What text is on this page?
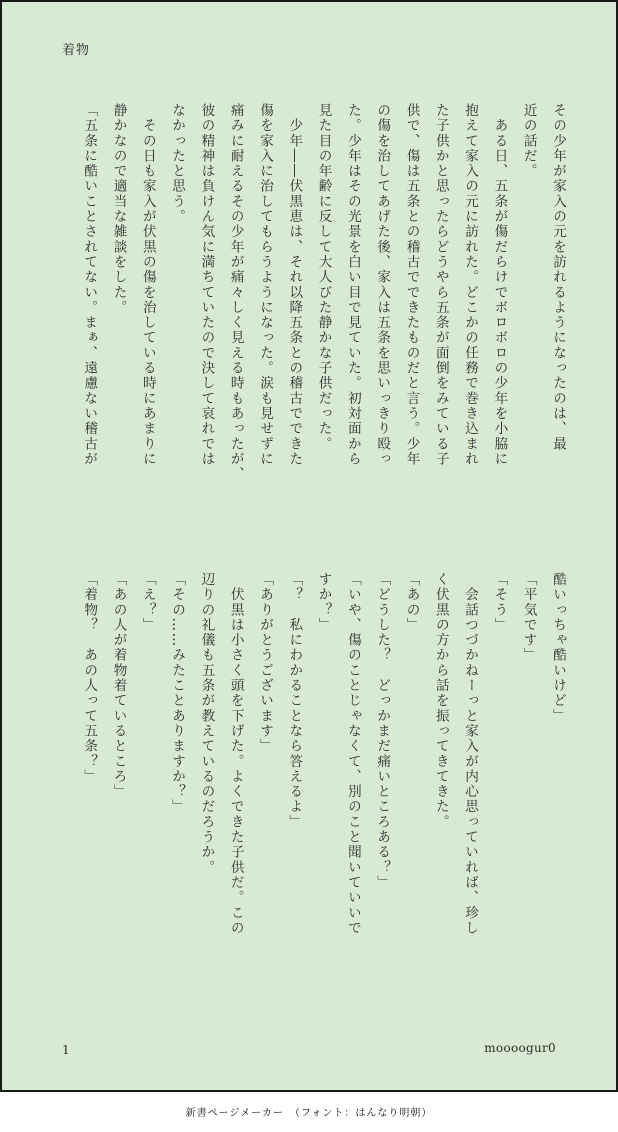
着物
その少年が家入の元を訪れるようになったのは、最
近の話だ。
　ある日、五条が傷だらけでボロボロの少年を小脇に
抱えて家入の元に訪れた。どこかの任務で巻き込まれ
た子供かと思ったらどうやら五条が面倒をみている子
供で、傷は五条との稽古でできたものだと言う。少年
の傷を治してあげた後、家入は五条を思いっきり殴っ
た。少年はその光景を白い目で見ていた。初対面から
見た目の年齢に反して大人びた静かな子供だった。
　少年――伏黒恵は、それ以降五条との稽古でできた
傷を家入に治してもらうようになった。涙も見せずに
痛みに耐えるその少年が痛々しく見える時もあったが、
彼の精神は負けん気に満ちていたので決して哀れでは
なかったと思う。
　その日も家入が伏黒の傷を治している時にあまりに
静かなので適当な雑談をした。
「五条に酷いことされてない。まぁ、遠慮ない稽古が
酷いっちゃ酷いけど」
「平気です」
「そう」
　会話つづかねーっと家入が内心思っていれば、珍し
く伏黒の方から話を振ってきてきた。
「あの」
「どうした？　どっかまだ痛いところある？」
「いや、傷のことじゃなくて、別のこと聞いていいで
すか？」
「？　私にわかることなら答えるよ」
「ありがとうございます」
　伏黒は小さく頭を下げた。よくできた子供だ。この
辺りの礼儀も五条が教えているのだろうか。
「その……みたことありますか？」
「え？」
「あの人が着物着ているところ」
「着物？　あの人って五条？」
1	moooogur0
新書ページメーカー　（フォント：はんなり明朝）
